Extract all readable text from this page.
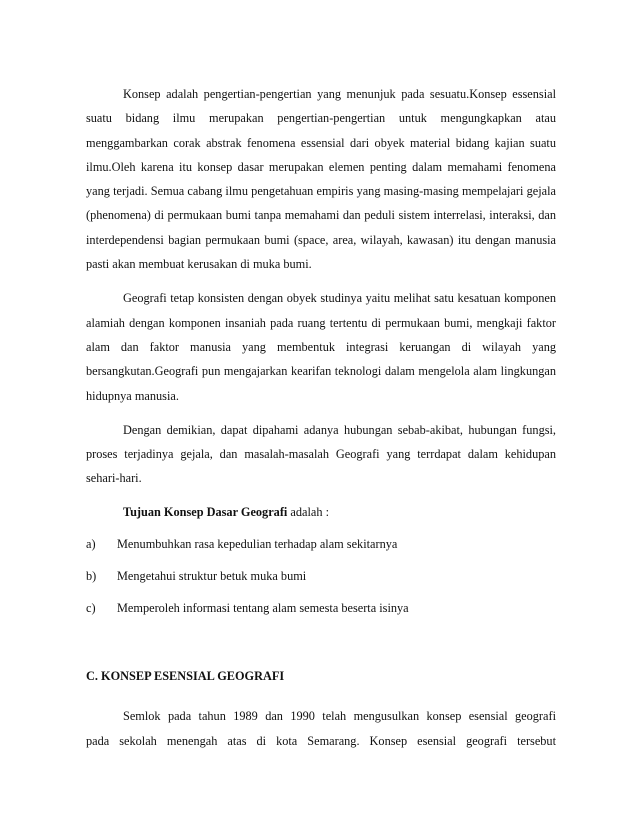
Konsep adalah pengertian-pengertian yang menunjuk pada sesuatu.Konsep essensial suatu bidang ilmu merupakan pengertian-pengertian untuk mengungkapkan atau menggambarkan corak abstrak fenomena essensial dari obyek material bidang kajian suatu ilmu.Oleh karena itu konsep dasar merupakan elemen penting dalam memahami fenomena yang terjadi. Semua cabang ilmu pengetahuan empiris yang masing-masing mempelajari gejala (phenomena) di permukaan bumi tanpa memahami dan peduli sistem interrelasi, interaksi, dan interdependensi bagian permukaan bumi (space, area, wilayah, kawasan) itu dengan manusia pasti akan membuat kerusakan di muka bumi.

Geografi tetap konsisten dengan obyek studinya yaitu melihat satu kesatuan komponen alamiah dengan komponen insaniah pada ruang tertentu di permukaan bumi, mengkaji faktor alam dan faktor manusia yang membentuk integrasi keruangan di wilayah yang bersangkutan.Geografi pun mengajarkan kearifan teknologi dalam mengelola alam lingkungan hidupnya manusia.

Dengan demikian, dapat dipahami adanya hubungan sebab-akibat, hubungan fungsi, proses terjadinya gejala, dan masalah-masalah Geografi yang terrdapat dalam kehidupan sehari-hari.

Tujuan Konsep Dasar Geografi adalah :

a) Menumbuhkan rasa kepedulian terhadap alam sekitarnya
b) Mengetahui struktur betuk muka bumi
c) Memperoleh informasi tentang alam semesta beserta isinya
C. KONSEP ESENSIAL GEOGRAFI

Semlok pada tahun 1989 dan 1990 telah mengusulkan konsep esensial geografi

pada sekolah menengah atas di kota Semarang. Konsep esensial geografi tersebut
